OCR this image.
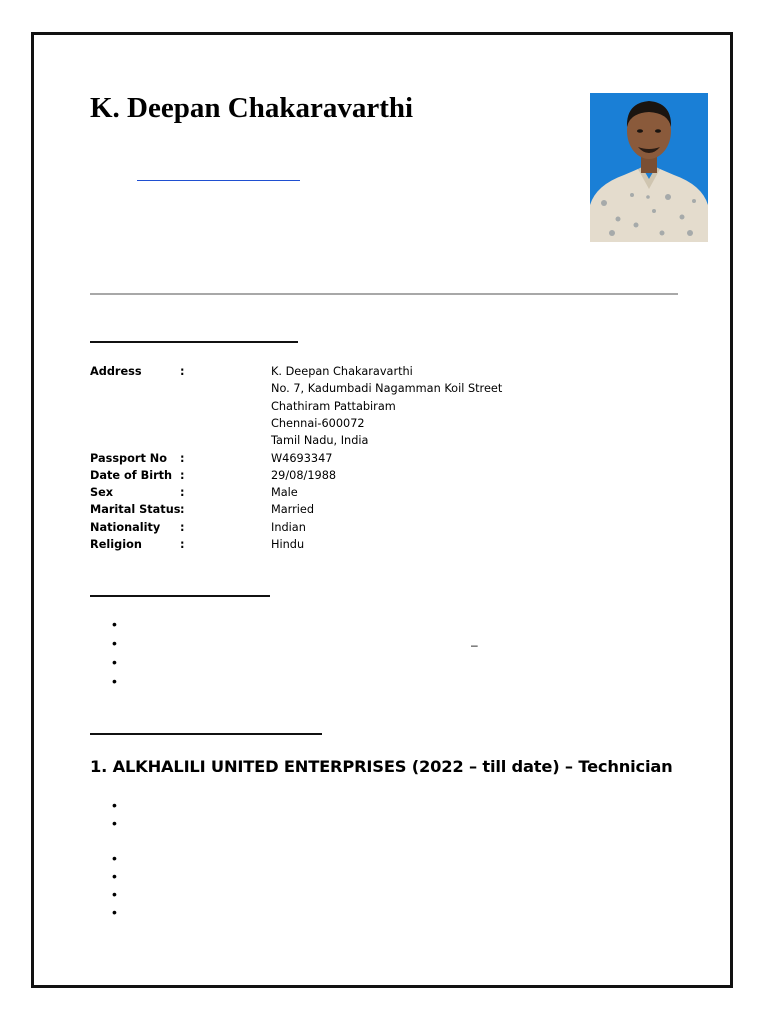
K. Deepan Chakaravarthi
Address	:	K. Deepan Chakaravarthi
No. 7, Kadumbadi Nagamman Koil Street
Chathiram Pattabiram
Chennai-600072
Tamil Nadu, India
Passport No :	W4693347
Date of Birth :	29/08/1988
Sex	:	Male
Marital Status :	Married
Nationality :	Indian
Religion	:	Hindu
•
•
•
•
–
1. ALKHALILI UNITED ENTERPRISES (2022 – till date) – Technician
•
•
•
•
•
•
